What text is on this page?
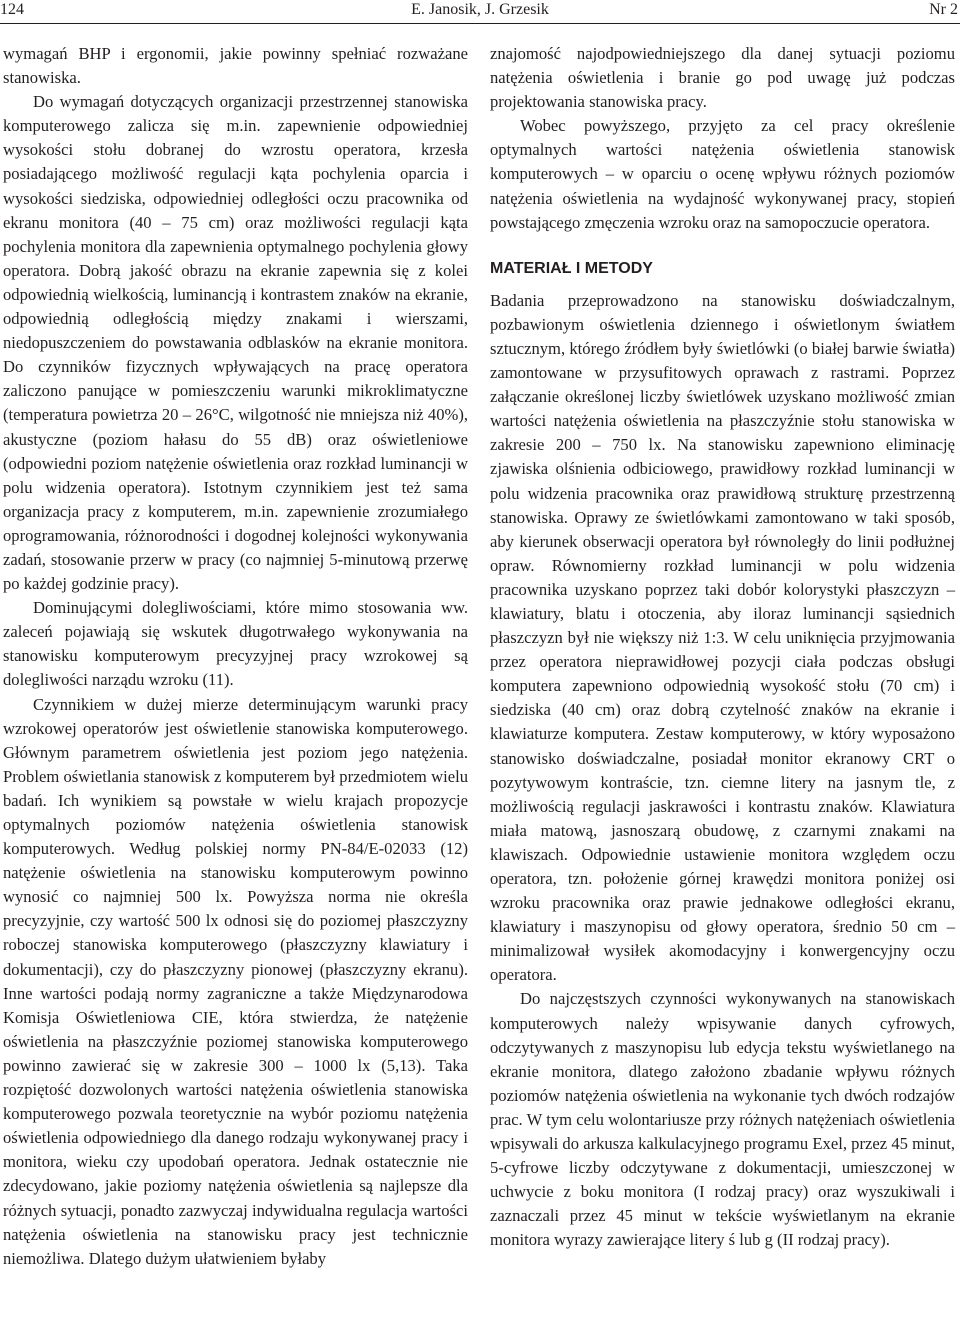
124	E. Janosik, J. Grzesik	Nr 2

wymagań BHP i ergonomii, jakie powinny spełniać rozważane stanowiska.

Do wymagań dotyczących organizacji przestrzennej stanowiska komputerowego zalicza się m.in. zapewnienie odpowiedniej wysokości stołu dobranej do wzrostu operatora, krzesła posiadającego możliwość regulacji kąta pochylenia oparcia i wysokości siedziska, odpowiedniej odległości oczu pracownika od ekranu monitora (40 – 75 cm) oraz możliwości regulacji kąta pochylenia monitora dla zapewnienia optymalnego pochylenia głowy operatora. Dobrą jakość obrazu na ekranie zapewnia się z kolei odpowiednią wielkością, luminancją i kontrastem znaków na ekranie, odpowiednią odległością między znakami i wierszami, niedopuszczeniem do powstawania odblasków na ekranie monitora. Do czynników fizycznych wpływających na pracę operatora zaliczono panujące w pomieszczeniu warunki mikroklimatyczne (temperatura powietrza 20 – 26°C, wilgotność nie mniejsza niż 40%), akustyczne (poziom hałasu do 55 dB) oraz oświetleniowe (odpowiedni poziom natężenie oświetlenia oraz rozkład luminancji w polu widzenia operatora). Istotnym czynnikiem jest też sama organizacja pracy z komputerem, m.in. zapewnienie zrozumiałego oprogramowania, różnorodności i dogodnej kolejności wykonywania zadań, stosowanie przerw w pracy (co najmniej 5-minutową przerwę po każdej godzinie pracy).

Dominującymi dolegliwościami, które mimo stosowania ww. zaleceń pojawiają się wskutek długotrwałego wykonywania na stanowisku komputerowym precyzyjnej pracy wzrokowej są dolegliwości narządu wzroku (11).

Czynnikiem w dużej mierze determinującym warunki pracy wzrokowej operatorów jest oświetlenie stanowiska komputerowego. Głównym parametrem oświetlenia jest poziom jego natężenia. Problem oświetlania stanowisk z komputerem był przedmiotem wielu badań. Ich wynikiem są powstałe w wielu krajach propozycje optymalnych poziomów natężenia oświetlenia stanowisk komputerowych. Według polskiej normy PN-84/E-02033 (12) natężenie oświetlenia na stanowisku komputerowym powinno wynosić co najmniej 500 lx. Powyższa norma nie określa precyzyjnie, czy wartość 500 lx odnosi się do poziomej płaszczyzny roboczej stanowiska komputerowego (płaszczyzny klawiatury i dokumentacji), czy do płaszczyzny pionowej (płaszczyzny ekranu). Inne wartości podają normy zagraniczne a także Międzynarodowa Komisja Oświetleniowa CIE, która stwierdza, że natężenie oświetlenia na płaszczyźnie poziomej stanowiska komputerowego powinno zawierać się w zakresie 300 – 1000 lx (5,13). Taka rozpiętość dozwolonych wartości natężenia oświetlenia stanowiska komputerowego pozwala teoretycznie na wybór poziomu natężenia oświetlenia odpowiedniego dla danego rodzaju wykonywanej pracy i monitora, wieku czy upodobań operatora. Jednak ostatecznie nie zdecydowano, jakie poziomy natężenia oświetlenia są najlepsze dla różnych sytuacji, ponadto zazwyczaj indywidualna regulacja wartości natężenia oświetlenia na stanowisku pracy jest technicznie niemożliwa. Dlatego dużym ułatwieniem byłaby

znajomość najodpowiedniejszego dla danej sytuacji poziomu natężenia oświetlenia i branie go pod uwagę już podczas projektowania stanowiska pracy.

Wobec powyższego, przyjęto za cel pracy określenie optymalnych wartości natężenia oświetlenia stanowisk komputerowych – w oparciu o ocenę wpływu różnych poziomów natężenia oświetlenia na wydajność wykonywanej pracy, stopień powstającego zmęczenia wzroku oraz na samopoczucie operatora.

MATERIAŁ I METODY

Badania przeprowadzono na stanowisku doświadczalnym, pozbawionym oświetlenia dziennego i oświetlonym światłem sztucznym, którego źródłem były świetlówki (o białej barwie światła) zamontowane w przysufitowych oprawach z rastrami. Poprzez załączanie określonej liczby świetlówek uzyskano możliwość zmian wartości natężenia oświetlenia na płaszczyźnie stołu stanowiska w zakresie 200 – 750 lx. Na stanowisku zapewniono eliminację zjawiska olśnienia odbiciowego, prawidłowy rozkład luminancji w polu widzenia pracownika oraz prawidłową strukturę przestrzenną stanowiska. Oprawy ze świetlówkami zamontowano w taki sposób, aby kierunek obserwacji operatora był równoległy do linii podłużnej opraw. Równomierny rozkład luminancji w polu widzenia pracownika uzyskano poprzez taki dobór kolorystyki płaszczyzn – klawiatury, blatu i otoczenia, aby iloraz luminancji sąsiednich płaszczyzn był nie większy niż 1:3. W celu uniknięcia przyjmowania przez operatora nieprawidłowej pozycji ciała podczas obsługi komputera zapewniono odpowiednią wysokość stołu (70 cm) i siedziska (40 cm) oraz dobrą czytelność znaków na ekranie i klawiaturze komputera. Zestaw komputerowy, w który wyposażono stanowisko doświadczalne, posiadał monitor ekranowy CRT o pozytywowym kontraście, tzn. ciemne litery na jasnym tle, z możliwością regulacji jaskrawości i kontrastu znaków. Klawiatura miała matową, jasnoszarą obudowę, z czarnymi znakami na klawiszach. Odpowiednie ustawienie monitora względem oczu operatora, tzn. położenie górnej krawędzi monitora poniżej osi wzroku pracownika oraz prawie jednakowe odległości ekranu, klawiatury i maszynopisu od głowy operatora, średnio 50 cm – minimalizował wysiłek akomodacyjny i konwergencyjny oczu operatora.

Do najczęstszych czynności wykonywanych na stanowiskach komputerowych należy wpisywanie danych cyfrowych, odczytywanych z maszynopisu lub edycja tekstu wyświetlanego na ekranie monitora, dlatego założono zbadanie wpływu różnych poziomów natężenia oświetlenia na wykonanie tych dwóch rodzajów prac. W tym celu wolontariusze przy różnych natężeniach oświetlenia wpisywali do arkusza kalkulacyjnego programu Exel, przez 45 minut, 5-cyfrowe liczby odczytywane z dokumentacji, umieszczonej w uchwycie z boku monitora (I rodzaj pracy) oraz wyszukiwali i zaznaczali przez 45 minut w tekście wyświetlanym na ekranie monitora wyrazy zawierające litery ś lub g (II rodzaj pracy).
